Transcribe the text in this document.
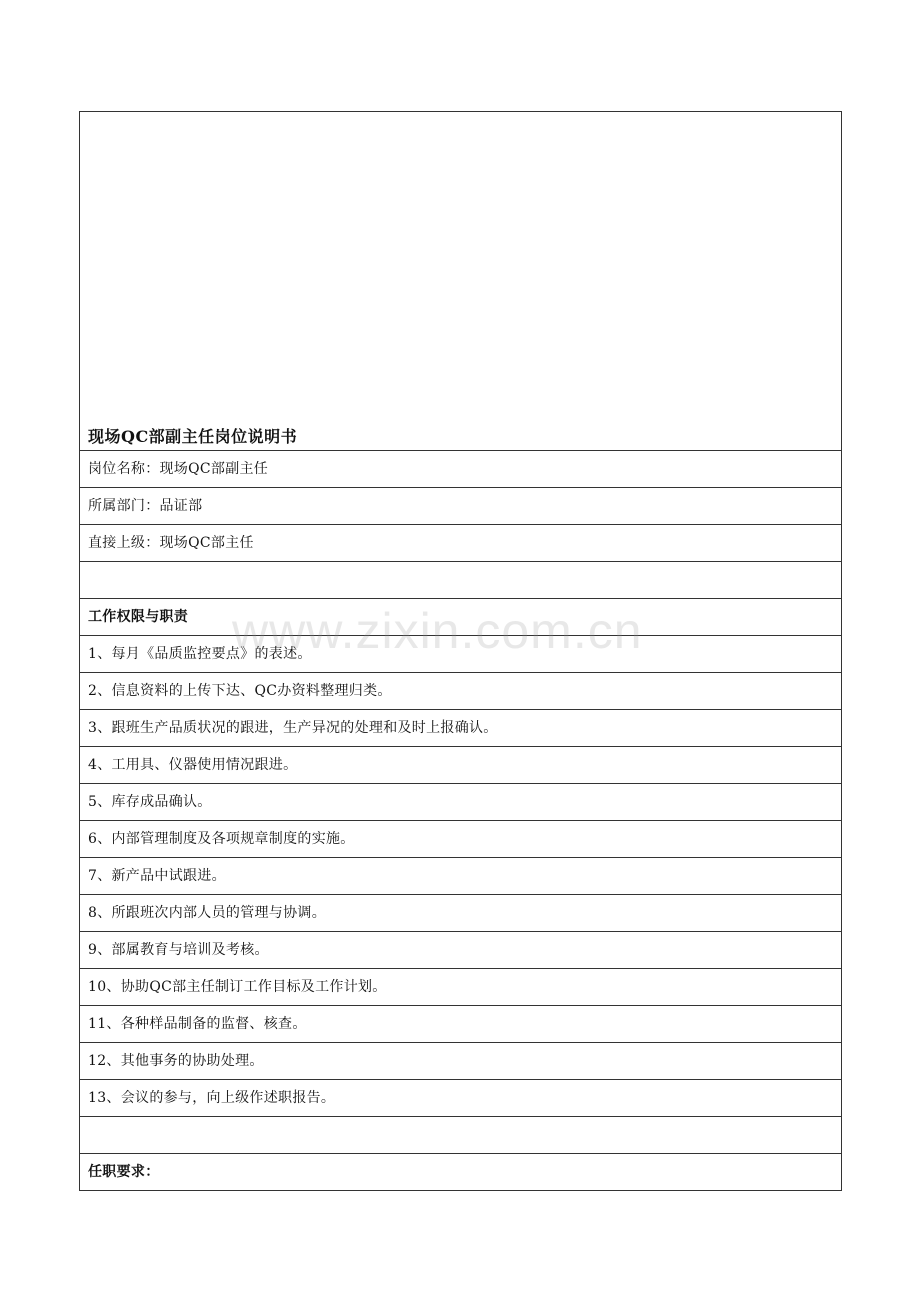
现场QC部副主任岗位说明书
岗位名称：现场QC部副主任
所属部门：品证部
直接上级：现场QC部主任
工作权限与职责
1、每月《品质监控要点》的表述。
2、信息资料的上传下达、QC办资料整理归类。
3、跟班生产品质状况的跟进，生产异况的处理和及时上报确认。
4、工用具、仪器使用情况跟进。
5、库存成品确认。
6、内部管理制度及各项规章制度的实施。
7、新产品中试跟进。
8、所跟班次内部人员的管理与协调。
9、部属教育与培训及考核。
10、协助QC部主任制订工作目标及工作计划。
11、各种样品制备的监督、核查。
12、其他事务的协助处理。
13、会议的参与，向上级作述职报告。
任职要求：
www.zixin.com.cn
